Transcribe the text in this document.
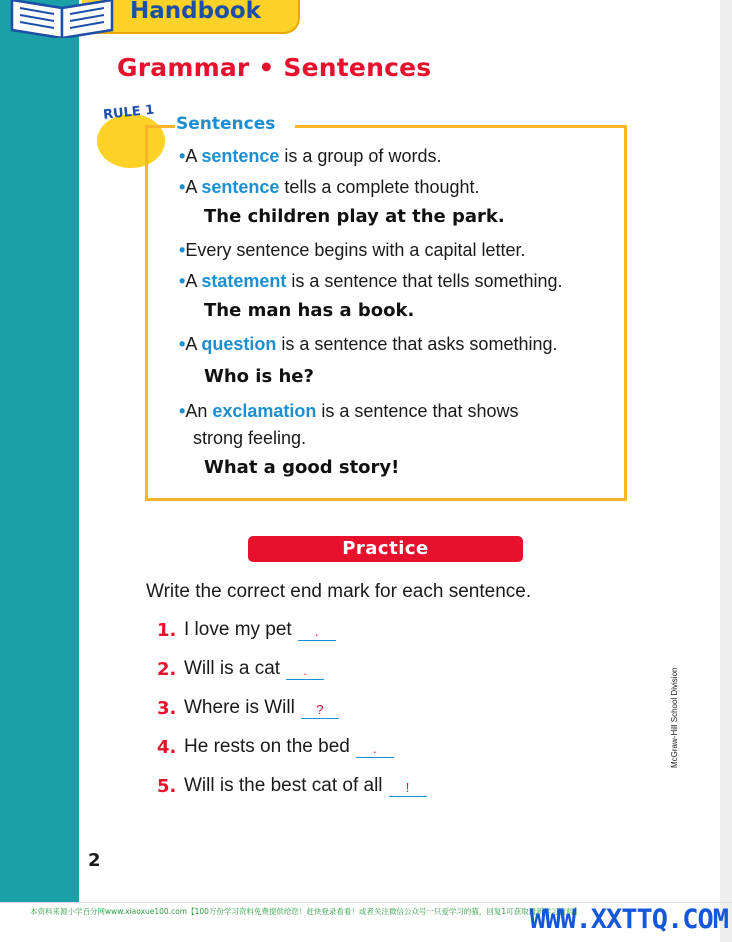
Handbook
Grammar • Sentences
RULE 1
Sentences
•A sentence is a group of words.
•A sentence tells a complete thought.
The children play at the park.
•Every sentence begins with a capital letter.
•A statement is a sentence that tells something.
The man has a book.
•A question is a sentence that asks something.
Who is he?
•An exclamation is a sentence that shows
strong feeling.
What a good story!
Practice
Write the correct end mark for each sentence.
1. I love my pet	.
2. Will is a cat	.
3. Where is Will	?
4. He rests on the bed	.
5. Will is the best cat of all	!
McGraw-Hill School Division
2
本资料来源小学百分网www.xiaoxue100.com【100万份学习资料免费提供给您！赶快登录看看！或者关注微信公众号一只爱学习的猫，回复1可获取最新学习资料】
WWW.XXTTQ.COM
